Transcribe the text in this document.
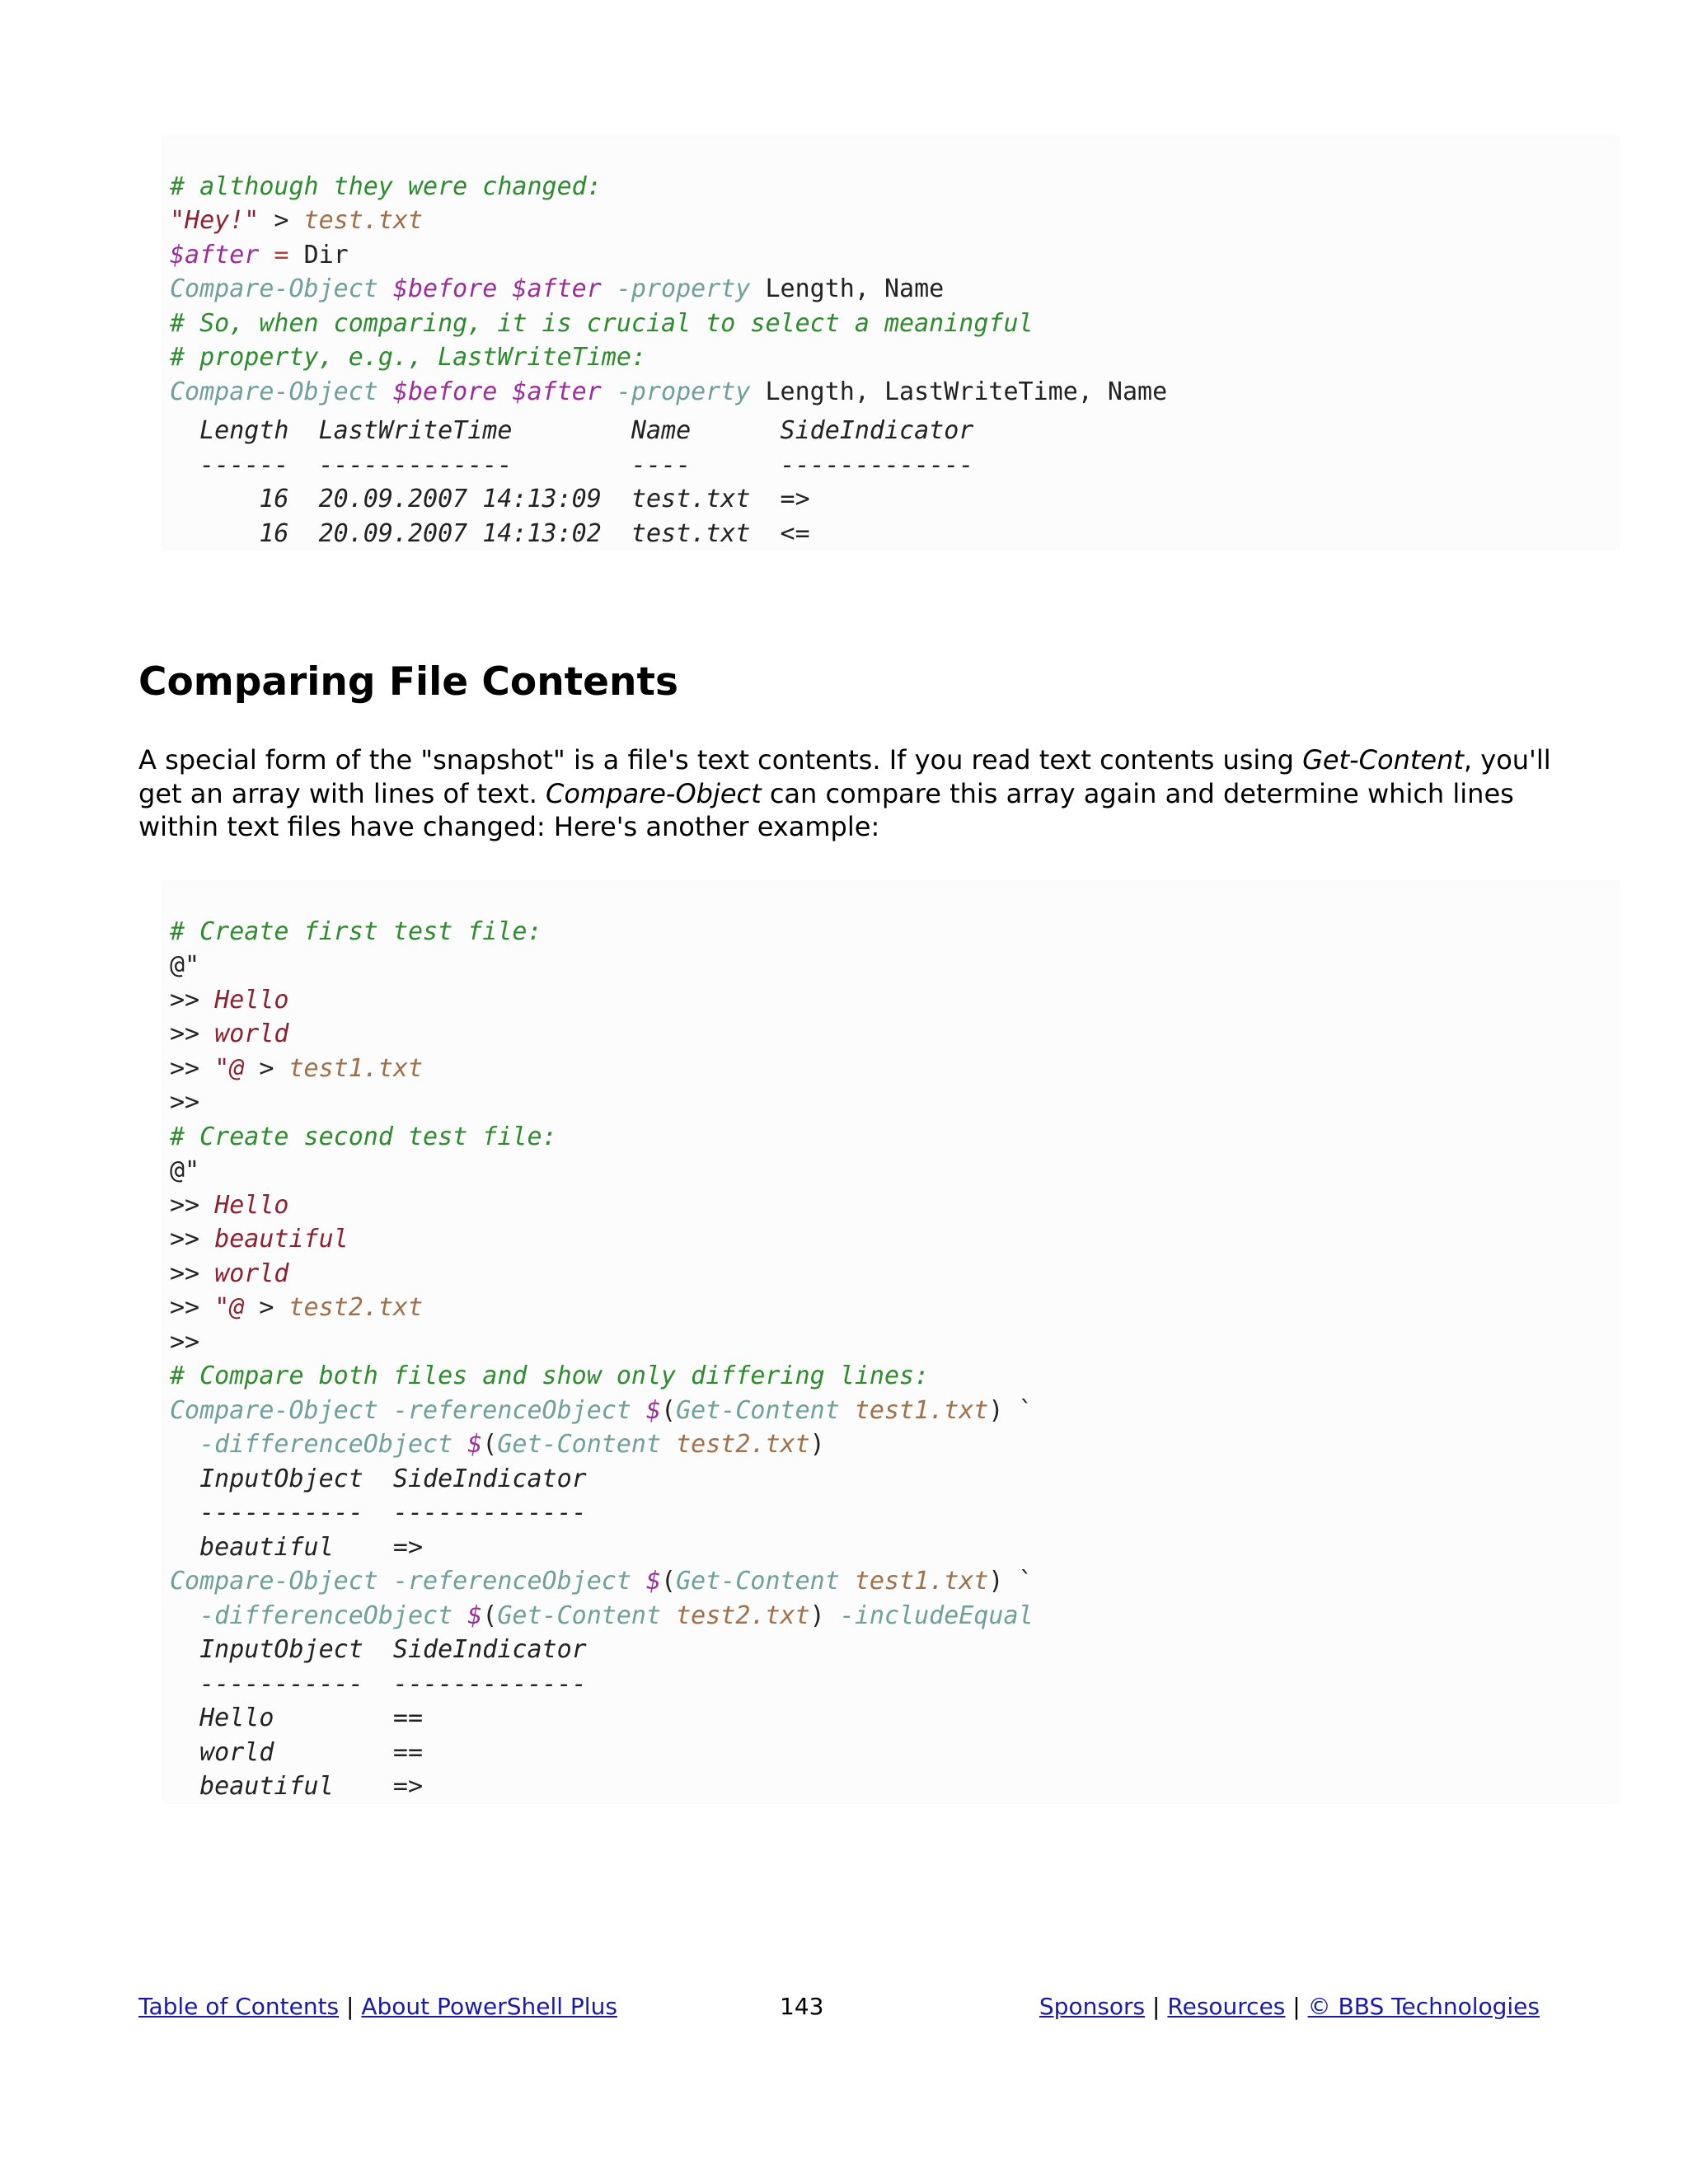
# although they were changed:
"Hey!" > test.txt
$after = Dir
Compare-Object $before $after -property Length, Name
# So, when comparing, it is crucial to select a meaningful
# property, e.g., LastWriteTime:
Compare-Object $before $after -property Length, LastWriteTime, Name
Length  LastWriteTime        Name      SideIndicator
------  -------------        ----      -------------
16  20.09.2007 14:13:09  test.txt  =>
16  20.09.2007 14:13:02  test.txt  <=
Comparing File Contents

A special form of the "snapshot" is a file's text contents. If you read text contents using Get-Content, you'll get an array with lines of text. Compare-Object can compare this array again and determine which lines within text files have changed: Here's another example:

# Create first test file:
@"
>> Hello
>> world
>> "@ > test1.txt
>>
# Create second test file:
@"
>> Hello
>> beautiful
>> world
>> "@ > test2.txt
>>
# Compare both files and show only differing lines:
Compare-Object -referenceObject $(Get-Content test1.txt) `
-differenceObject $(Get-Content test2.txt)
InputObject  SideIndicator
-----------  -------------
beautiful    =>
Compare-Object -referenceObject $(Get-Content test1.txt) `
-differenceObject $(Get-Content test2.txt) -includeEqual
InputObject  SideIndicator
-----------  -------------
Hello        ==
world        ==
beautiful    =>
Table of Contents | About PowerShell Plus	143	Sponsors | Resources | © BBS Technologies
